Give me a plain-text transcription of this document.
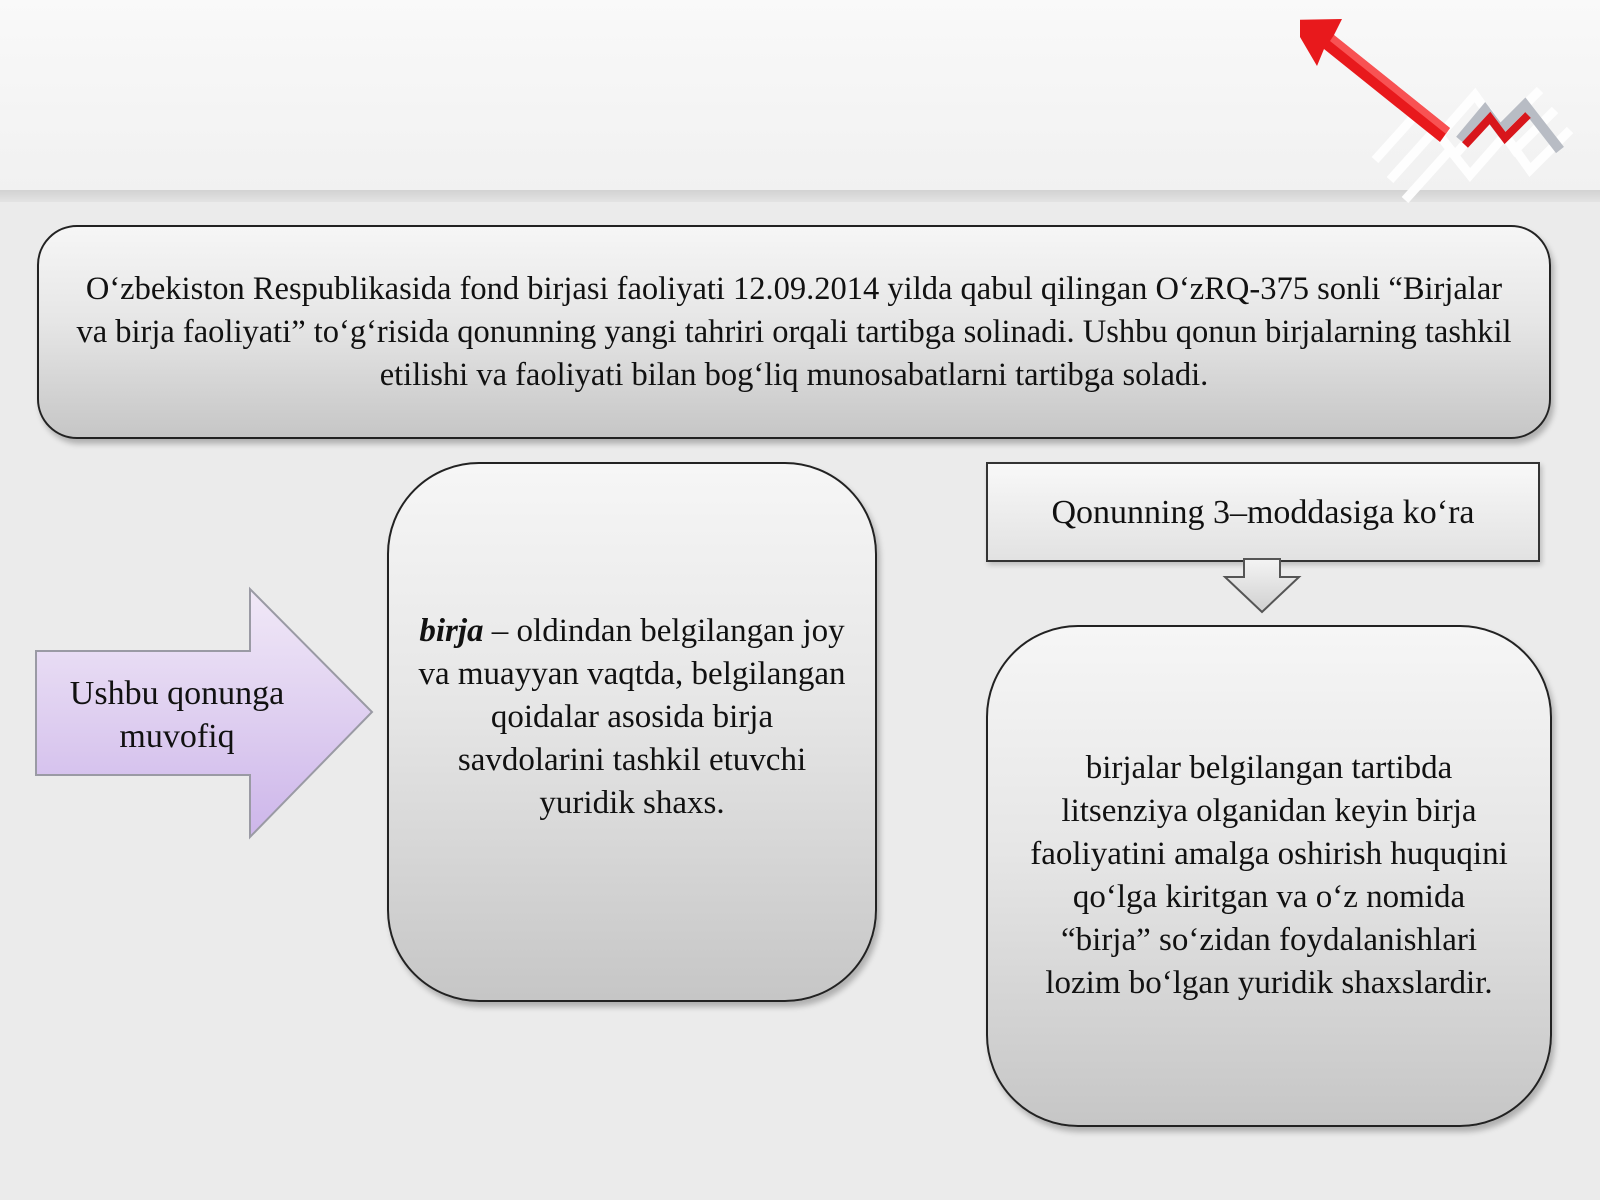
O‘zbekiston Respublikasida fond birjasi faoliyati 12.09.2014 yilda qabul qilingan O‘zRQ-375 sonli “Birjalar va birja faoliyati” to‘g‘risida qonunning yangi tahriri orqali tartibga solinadi. Ushbu qonun birjalarning tashkil etilishi va faoliyati bilan bog‘liq munosabatlarni tartibga soladi.
Ushbu qonunga muvofiq
birja – oldindan belgilangan joy va muayyan vaqtda, belgilangan qoidalar asosida birja savdolarini tashkil etuvchi yuridik shaxs.
Qonunning 3–moddasiga ko‘ra
birjalar belgilangan tartibda litsenziya olganidan keyin birja faoliyatini amalga oshirish huquqini qo‘lga kiritgan va o‘z nomida “birja” so‘zidan foydalanishlari lozim bo‘lgan yuridik shaxslardir.
